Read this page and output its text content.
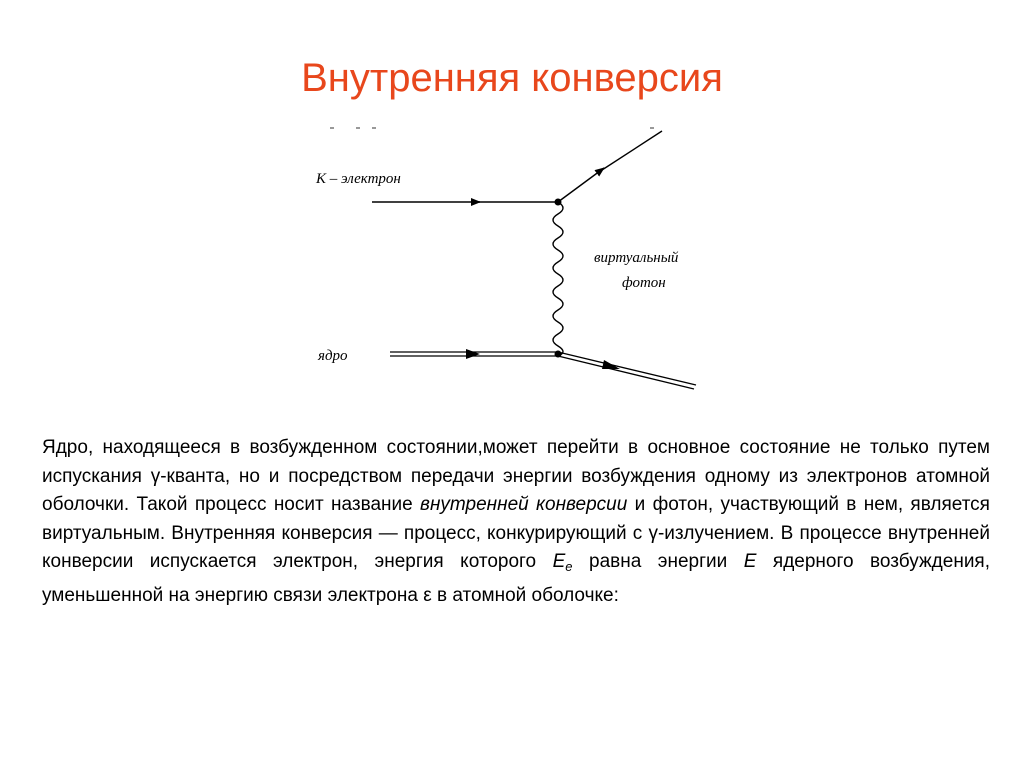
Внутренняя конверсия
К – электрон
виртуальный
фотон
ядро
Ядро, находящееся в возбужденном состоянии,может перейти в основное состояние не только путем испускания γ-кванта, но и посредством передачи энергии возбуждения одному из электронов атомной оболочки. Такой процесс носит название внутренней конверсии и фотон, участвующий в нем, является виртуальным. Внутренняя конверсия — процесс, конкурирующий с γ-излучением. В процессе внутренней конверсии испускается электрон, энергия которого $E_e$ равна энергии E ядерного возбуждения, уменьшенной на энергию связи электрона ε в атомной оболочке:
